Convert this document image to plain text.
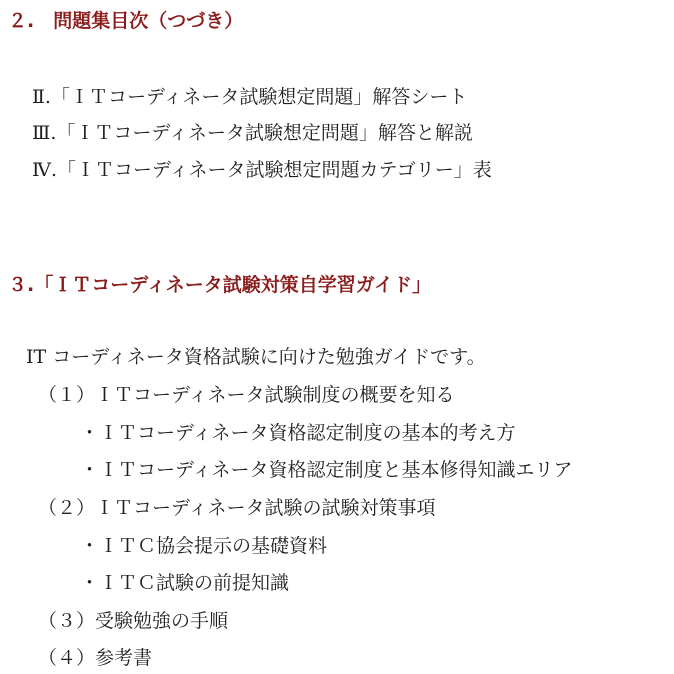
２.　問題集目次（つづき）
Ⅱ.「ＩＴコーディネータ試験想定問題」解答シート
Ⅲ.「ＩＴコーディネータ試験想定問題」解答と解説
Ⅳ.「ＩＴコーディネータ試験想定問題カテゴリー」表
３.「ＩＴコーディネータ試験対策自学習ガイド」
IT コーディネータ資格試験に向けた勉強ガイドです。
（１）ＩＴコーディネータ試験制度の概要を知る
・ＩＴコーディネータ資格認定制度の基本的考え方
・ＩＴコーディネータ資格認定制度と基本修得知識エリア
（２）ＩＴコーディネータ試験の試験対策事項
・ＩＴＣ協会提示の基礎資料
・ＩＴＣ試験の前提知識
（３）受験勉強の手順
（４）参考書
